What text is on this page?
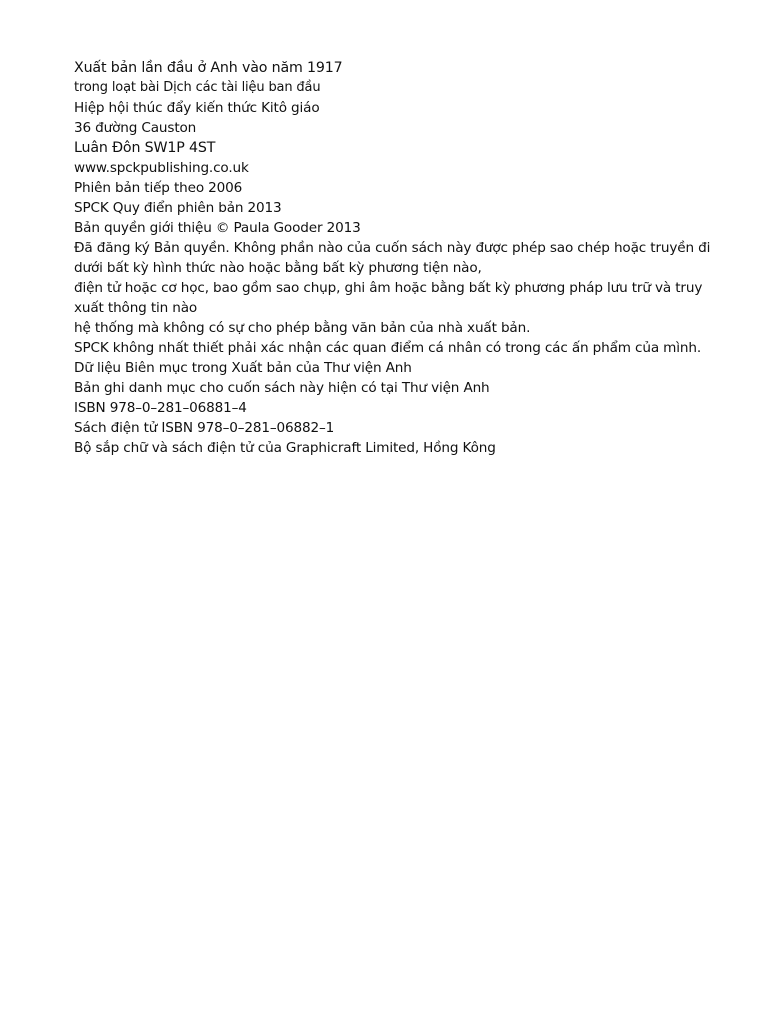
Xuất bản lần đầu ở Anh vào năm 1917
trong loạt bài Dịch các tài liệu ban đầu
Hiệp hội thúc đẩy kiến thức Kitô giáo
36 đường Causton
Luân Đôn SW1P 4ST
www.spckpublishing.co.uk
Phiên bản tiếp theo 2006
SPCK Quy điển phiên bản 2013
Bản quyền giới thiệu © Paula Gooder 2013
Đã đăng ký Bản quyền. Không phần nào của cuốn sách này được phép sao chép hoặc truyền đi dưới bất kỳ hình thức nào hoặc bằng bất kỳ phương tiện nào,
điện tử hoặc cơ học, bao gồm sao chụp, ghi âm hoặc bằng bất kỳ phương pháp lưu trữ và truy xuất thông tin nào
hệ thống mà không có sự cho phép bằng văn bản của nhà xuất bản.
SPCK không nhất thiết phải xác nhận các quan điểm cá nhân có trong các ấn phẩm của mình.
Dữ liệu Biên mục trong Xuất bản của Thư viện Anh
Bản ghi danh mục cho cuốn sách này hiện có tại Thư viện Anh
ISBN 978–0–281–06881–4
Sách điện tử ISBN 978–0–281–06882–1
Bộ sắp chữ và sách điện tử của Graphicraft Limited, Hồng Kông
